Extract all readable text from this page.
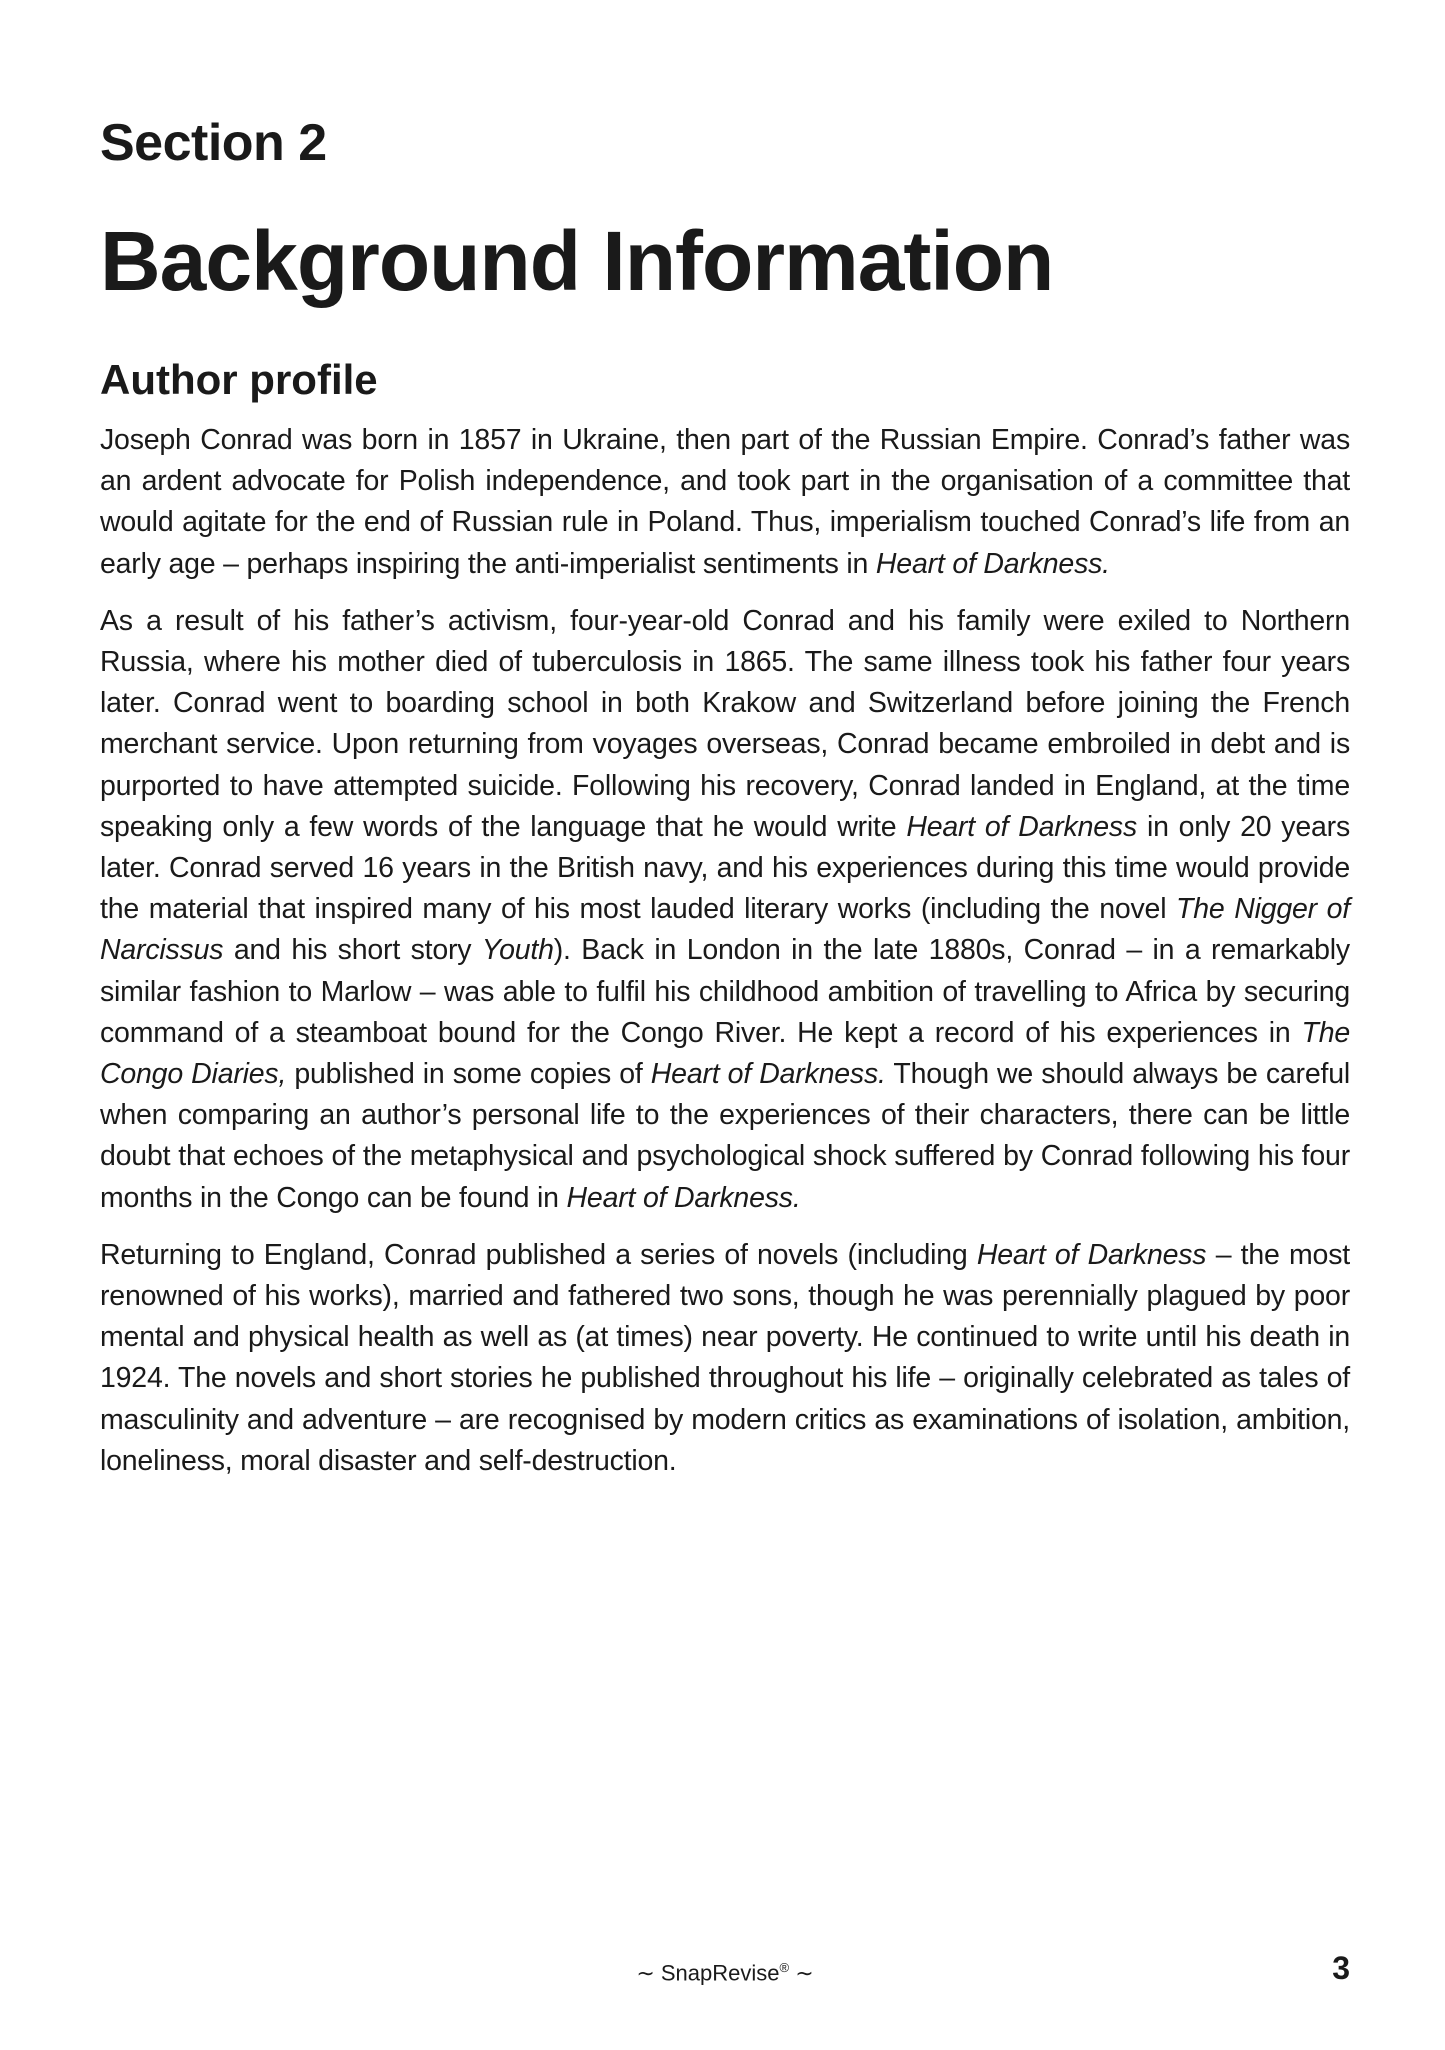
Section 2
Background Information
Author profile

Joseph Conrad was born in 1857 in Ukraine, then part of the Russian Empire. Conrad’s father was an ardent advocate for Polish independence, and took part in the organisation of a committee that would agitate for the end of Russian rule in Poland. Thus, imperialism touched Conrad’s life from an early age – perhaps inspiring the anti-imperialist sentiments in Heart of Darkness.

As a result of his father’s activism, four-year-old Conrad and his family were exiled to Northern Russia, where his mother died of tuberculosis in 1865. The same illness took his father four years later. Conrad went to boarding school in both Krakow and Switzerland before joining the French merchant service. Upon returning from voyages overseas, Conrad became embroiled in debt and is purported to have attempted suicide. Following his recovery, Conrad landed in England, at the time speaking only a few words of the language that he would write Heart of Darkness in only 20 years later. Conrad served 16 years in the British navy, and his experiences during this time would provide the material that inspired many of his most lauded literary works (including the novel The Nigger of Narcissus and his short story Youth). Back in London in the late 1880s, Conrad – in a remarkably similar fashion to Marlow – was able to fulfil his childhood ambition of travelling to Africa by securing command of a steamboat bound for the Congo River. He kept a record of his experiences in The Congo Diaries, published in some copies of Heart of Darkness. Though we should always be careful when comparing an author’s personal life to the experiences of their characters, there can be little doubt that echoes of the metaphysical and psychological shock suffered by Conrad following his four months in the Congo can be found in Heart of Darkness.

Returning to England, Conrad published a series of novels (including Heart of Darkness – the most renowned of his works), married and fathered two sons, though he was perennially plagued by poor mental and physical health as well as (at times) near poverty. He continued to write until his death in 1924. The novels and short stories he published throughout his life – originally celebrated as tales of masculinity and adventure – are recognised by modern critics as examinations of isolation, ambition, loneliness, moral disaster and self-destruction.

∼ SnapRevise® ∼	3
